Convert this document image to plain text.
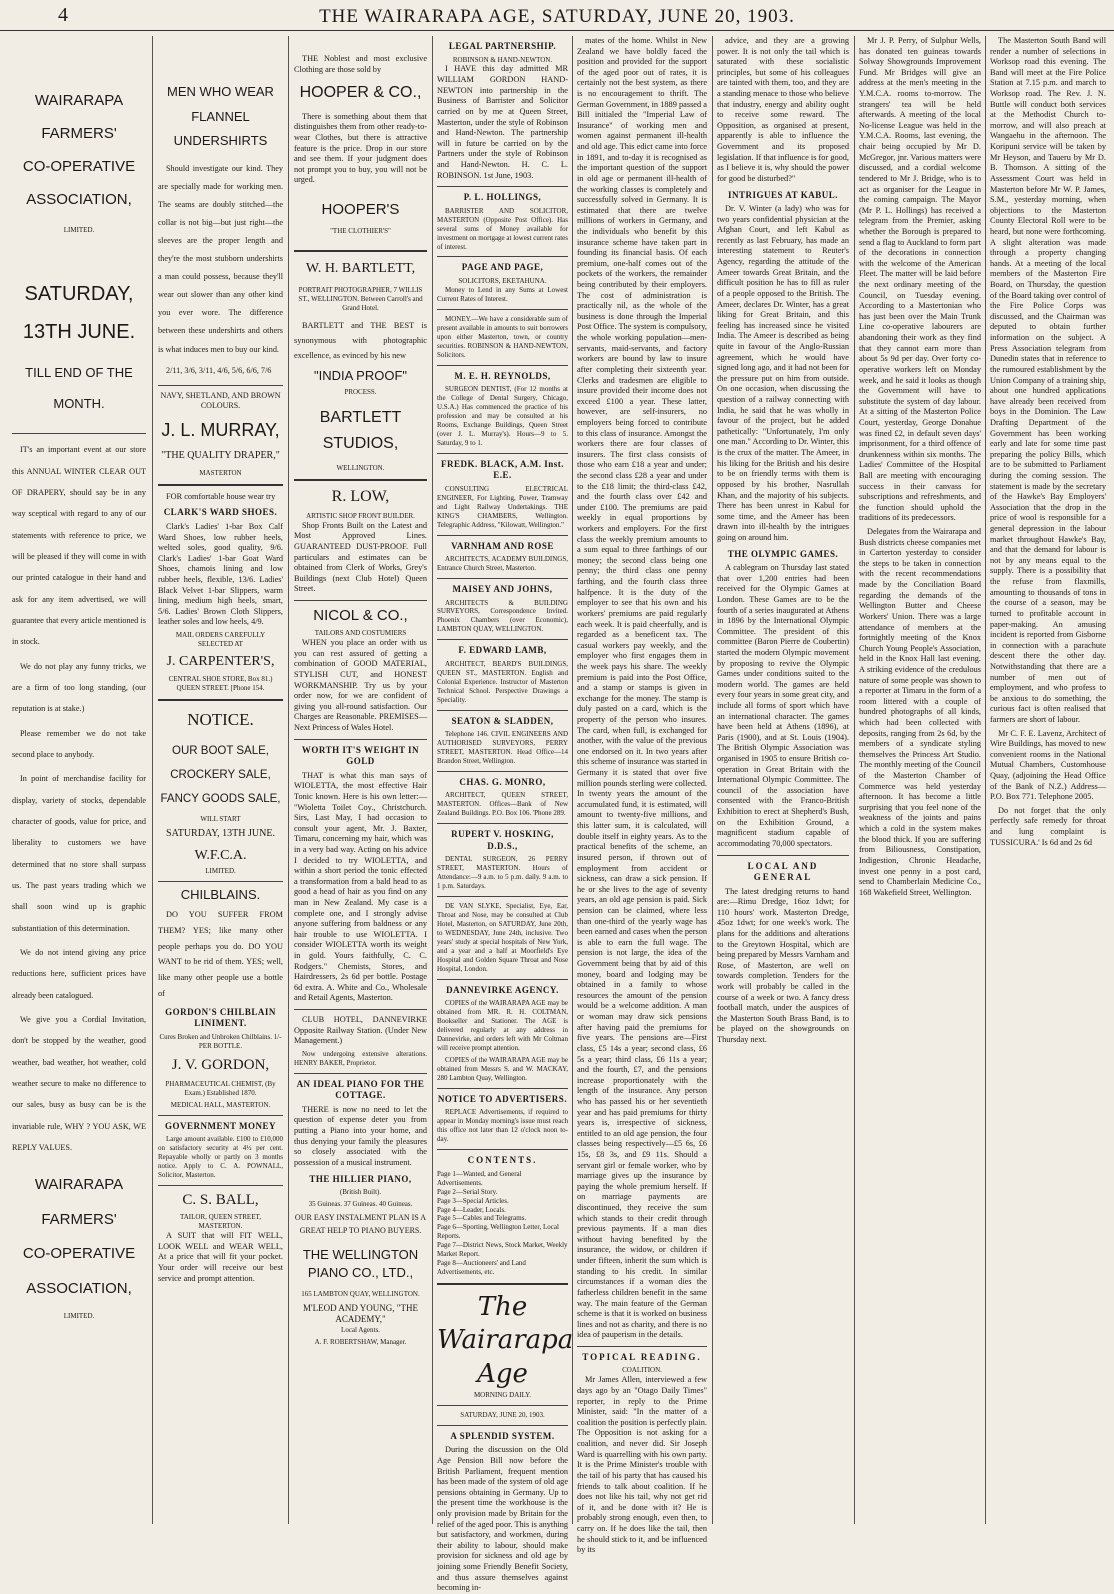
4	THE WAIRARAPA AGE, SATURDAY, JUNE 20, 1903.
WAIRARAPA
FARMERS'
CO-OPERATIVE
ASSOCIATION,
LIMITED.
SATURDAY,
13TH JUNE.
TILL END OF THE
MONTH.

IT's an important event at our store this ANNUAL WINTER CLEAR OUT OF DRAPERY, should say be in any way sceptical with regard to any of our statements with reference to price, we will be pleased if they will come in with our printed catalogue in their hand and ask for any item advertised, we will guarantee that every article mentioned is in stock.

We do not play any funny tricks, we are a firm of too long standing, (our reputation is at stake.)

Please remember we do not take second place to anybody.

In point of merchandise facility for display, variety of stocks, dependable character of goods, value for price, and liberality to customers we have determined that no store shall surpass us. The past years trading which we shall soon wind up is graphic substantiation of this determination.

We do not intend giving any price reductions here, sufficient prices have already been catalogued.

We give you a Cordial Invitation, don't be stopped by the weather, good weather, bad weather, hot weather, cold weather secure to make no difference to our sales, busy as busy can be is the invariable rule, WHY ? YOU ASK, WE REPLY VALUES.

WAIRARAPA
FARMERS'
CO-OPERATIVE
ASSOCIATION,
LIMITED.
MEN WHO WEAR FLANNEL UNDERSHIRTS

Should investigate our kind. They are specially made for working men. The seams are doubly stitched—the collar is not big—but just right—the sleeves are the proper length and they're the most stubborn undershirts a man could possess, because they'll wear out slower than any other kind you ever wore. The difference between these undershirts and others is what induces men to buy our kind.

2/11, 3/6, 3/11, 4/6, 5/6, 6/6, 7/6

NAVY, SHETLAND, AND BROWN COLOURS.
J. L. MURRAY,
"THE QUALITY DRAPER,"
MASTERTON

FOR comfortable house wear try

CLARK'S WARD SHOES.

Clark's Ladies' 1-bar Box Calf Ward Shoes, low rubber heels, welted soles, good quality, 9/6. Clark's Ladies' 1-bar Goat Ward Shoes, chamois lining and low rubber heels, flexible, 13/6. Ladies' Black Velvet 1-bar Slippers, warm lining, medium high heels, smart, 5/6. Ladies' Brown Cloth Slippers, leather soles and low heels, 4/9.

MAIL ORDERS CAREFULLY SELECTED AT
J. CARPENTER'S,
CENTRAL SHOE STORE, Box 81.) QUEEN STREET. [Phone 154.
NOTICE.
OUR BOOT SALE,
CROCKERY SALE,
FANCY GOODS SALE,
WILL START
SATURDAY, 13TH JUNE.
W.F.C.A.
LIMITED.
CHILBLAINS.

DO YOU SUFFER FROM THEM? YES; like many other people perhaps you do. DO YOU WANT to be rid of them. YES; well, like many other people use a bottle of

GORDON'S CHILBLAIN LINIMENT.
Cures Broken and Unbroken Chilblains. 1/- PER BOTTLE.
J. V. GORDON,
PHARMACEUTICAL CHEMIST, (By Exam.) Established 1870.
MEDICAL HALL, MASTERTON.
GOVERNMENT MONEY

Large amount available. £100 to £10,000 on satisfactory security at 4½ per cent. Repayable wholly or partly on 3 months notice. Apply to C. A. POWNALL, Solicitor, Masterton.

C. S. BALL,
TAILOR, QUEEN STREET, MASTERTON.

A SUIT that will FIT WELL, LOOK WELL and WEAR WELL, At a price that will fit your pocket. Your order will receive our best service and prompt attention.

THE Noblest and most exclusive Clothing are those sold by

HOOPER & CO.,

There is something about them that distinguishes them from other ready-to-wear Clothes, but there is attractive feature is the price. Drop in our store and see them. If your judgment does not prompt you to buy, you will not be urged.

HOOPER'S
"THE CLOTHIER'S"
W. H. BARTLETT,
PORTRAIT PHOTOGRAPHER, 7 WILLIS ST., WELLINGTON. Between Carroll's and Grand Hotel.

BARTLETT and THE BEST is synonymous with photographic excellence, as evinced by his new

"INDIA PROOF"
PROCESS.
BARTLETT STUDIOS,
WELLINGTON.
R. LOW,
ARTISTIC SHOP FRONT BUILDER.

Shop Fronts Built on the Latest and Most Approved Lines. GUARANTEED DUST-PROOF. Full particulars and estimates can be obtained from Clerk of Works, Grey's Buildings (next Club Hotel) Queen Street.

NICOL & CO.,
TAILORS AND COSTUMIERS

WHEN you place an order with us you can rest assured of getting a combination of GOOD MATERIAL, STYLISH CUT, and HONEST WORKMANSHIP. Try us by your order now, for we are confident of giving you all-round satisfaction. Our Charges are Reasonable. PREMISES—Next Princess of Wales Hotel.

WORTH IT'S WEIGHT IN GOLD

THAT is what this man says of WIOLETTA, the most effective Hair Tonic known. Here is his own letter:— "Wioletta Toilet Coy., Christchurch. Sirs, Last May, I had occasion to consult your agent, Mr. J. Baxter, Timaru, concerning my hair, which was in a very bad way. Acting on his advice I decided to try WIOLETTA, and within a short period the tonic effected a transformation from a bald head to as good a head of hair as you find on any man in New Zealand. My case is a complete one, and I strongly advise anyone suffering from baldness or any hair trouble to use WIOLETTA. I consider WIOLETTA worth its weight in gold. Yours faithfully, C. C. Rodgers." Chemists, Stores, and Hairdressers, 2s 6d per bottle. Postage 6d extra. A. White and Co., Wholesale and Retail Agents, Masterton.

CLUB HOTEL, DANNEVIRKE Opposite Railway Station. (Under New Management.)

Now undergoing extensive alterations. HENRY BAKER, Proprietor.

AN IDEAL PIANO FOR THE COTTAGE.

THERE is now no need to let the question of expense deter you from putting a Piano into your home, and thus denying your family the pleasures so closely associated with the possession of a musical instrument.

THE HILLIER PIANO,
(British Built).
35 Guineas. 37 Guineas. 40 Guineas.
OUR EASY INSTALMENT PLAN IS A GREAT HELP TO PIANO BUYERS.
THE WELLINGTON PIANO CO., LTD.,
165 LAMBTON QUAY, WELLINGTON.
M'LEOD AND YOUNG, "THE ACADEMY,"
Local Agents.
A. F. ROBERTSHAW, Manager.
LEGAL PARTNERSHIP.
ROBINSON & HAND-NEWTON.

I HAVE this day admitted MR WILLIAM GORDON HAND-NEWTON into partnership in the Business of Barrister and Solicitor carried on by me at Queen Street, Masterton, under the style of Robinson and Hand-Newton. The partnership will in future be carried on by the Partners under the style of Robinson and Hand-Newton. H. C. L. ROBINSON. 1st June, 1903.

P. L. HOLLINGS,

BARRISTER AND SOLICITOR, MASTERTON (Opposite Post Office). Has several sums of Money available for investment on mortgage at lowest current rates of interest.

PAGE AND PAGE,
SOLICITORS, EKETAHUNA.

Money to Lend in any Sums at Lowest Current Rates of Interest.

MONEY.—We have a considerable sum of present available in amounts to suit borrowers upon either Masterton, town, or country securities. ROBINSON & HAND-NEWTON, Solicitors.

M. E. H. REYNOLDS,

SURGEON DENTIST, (For 12 months at the College of Dental Surgery, Chicago, U.S.A.) Has commenced the practice of his profession and may be consulted at his Rooms, Exchange Buildings, Queen Street (over J. L. Murray's). Hours—9 to 5. Saturday, 9 to 1.

FREDK. BLACK, A.M. Inst. E.E.

CONSULTING ELECTRICAL ENGINEER, For Lighting, Power, Tramway and Light Railway Undertakings. THE KING'S CHAMBERS, Wellington. Telegraphic Address, "Kilowatt, Wellington."

VARNHAM AND ROSE

ARCHITECTS, ACADEMY BUILDINGS, Entrance Church Street, Masterton.

MAISEY AND JOHNS,

ARCHITECTS & BUILDING SURVEYORS, Correspondence Invited. Phoenix Chambers (over Economic), LAMBTON QUAY, WELLINGTON.

F. EDWARD LAMB,

ARCHITECT, BEARD'S BUILDINGS, QUEEN ST., MASTERTON. English and Colonial Experience. Instructor of Masterton Technical School. Perspective Drawings a Speciality.

SEATON & SLADDEN,

Telephone 146. CIVIL ENGINEERS AND AUTHORISED SURVEYORS, PERRY STREET, MASTERTON. Head Office—14 Brandon Street, Wellington.

CHAS. G. MONRO,

ARCHITECT, QUEEN STREET, MASTERTON. Offices—Bank of New Zealand Buildings. P.O. Box 106. 'Phone 289.

RUPERT V. HOSKING, D.D.S.,

DENTAL SURGEON, 26 PERRY STREET, MASTERTON. Hours of Attendance:—9 a.m. to 5 p.m. daily. 9 a.m. to 1 p.m. Saturdays.

DE VAN SLYKE, Specialist, Eye, Ear, Throat and Nose, may be consulted at Club Hotel, Masterton, on SATURDAY, June 20th, to WEDNESDAY, June 24th, inclusive. Two years' study at special hospitals of New York, and a year and a half at Moorfield's Eye Hospital and Golden Square Throat and Nose Hospital, London.

DANNEVIRKE AGENCY.

COPIES of the WAIRARAPA AGE may be obtained from MR. R. H. COLTMAN, Bookseller and Stationer. The AGE is delivered regularly at any address in Dannevirke, and orders left with Mr Coltman will receive prompt attention.

COPIES of the WAIRARAPA AGE may be obtained from Messrs S. and W. MACKAY, 280 Lambton Quay, Wellington.

NOTICE TO ADVERTISERS.

REPLACE Advertisements, if required to appear in Monday morning's issue must reach this office not later than 12 o'clock noon to-day.

CONTENTS.
Page 1—Wanted, and General Advertisements.
Page 2—Serial Story.
Page 3—Special Articles.
Page 4—Leader, Locals.
Page 5—Cables and Telegrams.
Page 6—Sporting, Wellington Letter, Local Reports.
Page 7—District News, Stock Market, Weekly Market Report.
Page 8—Auctioneers' and Land Advertisements, etc.
The Wairarapa Age
MORNING DAILY.
SATURDAY, JUNE 20, 1903.
A SPLENDID SYSTEM.

During the discussion on the Old Age Pension Bill now before the British Parliament, frequent mention has been made of the system of old age pensions obtaining in Germany. Up to the present time the workhouse is the only provision made by Britain for the relief of the aged poor. This is anything but satisfactory, and workmen, during their ability to labour, should make provision for sickness and old age by joining some Friendly Benefit Society, and thus assure themselves against becoming in-

mates of the home. Whilst in New Zealand we have boldly faced the position and provided for the support of the aged poor out of rates, it is certainly not the best system, as there is no encouragement to thrift. The German Government, in 1889 passed a Bill initialed the "Imperial Law of Insurance" of working men and women against permanent ill-health and old age. This edict came into force in 1891, and to-day it is recognised as the important question of the support in old age or permanent ill-health of the working classes is completely and successfully solved in Germany. It is estimated that there are twelve millions of workers in Germany, and the individuals who benefit by this insurance scheme have taken part in founding its financial basis. Of each premium, one-half comes out of the pockets of the workers, the remainder being contributed by their employers. The cost of administration is practically nil, as the whole of the business is done through the Imperial Post Office. The system is compulsory, the whole working population—men-servants, maid-servants, and factory workers are bound by law to insure after completing their sixteenth year. Clerks and tradesmen are eligible to insure provided their income does not exceed £100 a year. These latter, however, are self-insurers, no employers being forced to contribute to this class of insurance. Amongst the workers there are four classes of insurers. The first class consists of those who earn £18 a year and under; the second class £28 a year and under to the £18 limit; the third-class £42, and the fourth class over £42 and under £100. The premiums are paid weekly in equal proportions by workers and employers. For the first class the weekly premium amounts to a sum equal to three farthings of our money; the second class being one penny; the third class one penny farthing, and the fourth class three halfpence. It is the duty of the employer to see that his own and his workers' premiums are paid regularly each week. It is paid cheerfully, and is regarded as a beneficent tax. The casual workers pay weekly, and the employer who first engages them in the week pays his share. The weekly premium is paid into the Post Office, and a stamp or stamps is given in exchange for the money. The stamp is duly pasted on a card, which is the property of the person who insures. The card, when full, is exchanged for another, with the value of the previous one endorsed on it. In two years after this scheme of insurance was started in Germany it is stated that over five million pounds sterling were collected. In twenty years the amount of the accumulated fund, it is estimated, will amount to twenty-five millions, and this latter sum, it is calculated, will double itself in eighty years. As to the practical benefits of the scheme, an insured person, if thrown out of employment from accident or sickness, can draw a sick pension. If he or she lives to the age of seventy years, an old age pension is paid. Sick pension can be claimed, where less than one-third of the yearly wage has been earned and cases when the person is able to earn the full wage. The pension is not large, the idea of the Government being that by aid of this money, board and lodging may be obtained in a family to whose resources the amount of the pension would be a welcome addition. A man or woman may draw sick pensions after having paid the premiums for five years. The pensions are—First class, £5 14s a year; second class, £6 5s a year; third class, £6 11s a year; and the fourth, £7, and the pensions increase proportionately with the length of the insurance. Any person who has passed his or her seventieth year and has paid premiums for thirty years is, irrespective of sickness, entitled to an old age pension, the four classes being respectively—£5 6s, £6 15s, £8 3s, and £9 11s. Should a servant girl or female worker, who by marriage gives up the insurance by paying the whole premium herself. If on marriage payments are discontinued, they receive the sum which stands to their credit through previous payments. If a man dies without having benefited by the insurance, the widow, or children if under fifteen, inherit the sum which is standing to his credit. In similar circumstances if a woman dies the fatherless children benefit in the same way. The main feature of the German scheme is that it is worked on business lines and not as charity, and there is no idea of pauperism in the details.

TOPICAL READING.
COALITION.

Mr James Allen, interviewed a few days ago by an "Otago Daily Times" reporter, in reply to the Prime Minister, said: "In the matter of a coalition the position is perfectly plain. The Opposition is not asking for a coalition, and never did. Sir Joseph Ward is quarrelling with his own party. It is the Prime Minister's trouble with the tail of his party that has caused his friends to talk about coalition. If he does not like his tail, why not get rid of it, and be done with it? He is probably strong enough, even then, to carry on. If he does like the tail, then he should stick to it, and be influenced by its

advice, and they are a growing power. It is not only the tail which is saturated with these socialistic principles, but some of his colleagues are tainted with them, too, and they are a standing menace to those who believe that industry, energy and ability ought to receive some reward. The Opposition, as organised at present, apparently is able to influence the Government and its proposed legislation. If that influence is for good, as I believe it is, why should the power for good be disturbed?"

INTRIGUES AT KABUL.

Dr. V. Winter (a lady) who was for two years confidential physician at the Afghan Court, and left Kabul as recently as last February, has made an interesting statement to Reuter's Agency, regarding the attitude of the Ameer towards Great Britain, and the difficult position he has to fill as ruler of a people opposed to the British. The Ameer, declares Dr. Winter, has a great liking for Great Britain, and this feeling has increased since he visited India. The Ameer is described as being quite in favour of the Anglo-Russian agreement, which he would have signed long ago, and it had not been for the pressure put on him from outside. On one occasion, when discussing the question of a railway connecting with India, he said that he was wholly in favour of the project, but he added pathetically: "Unfortunately, I'm only one man." According to Dr. Winter, this is the crux of the matter. The Ameer, in his liking for the British and his desire to be on friendly terms with them is opposed by his brother, Nasrullah Khan, and the majority of his subjects. There has been unrest in Kabul for some time, and the Ameer has been drawn into ill-health by the intrigues going on around him.

THE OLYMPIC GAMES.

A cablegram on Thursday last stated that over 1,200 entries had been received for the Olympic Games at London. These Games are to be the fourth of a series inaugurated at Athens in 1896 by the International Olympic Committee. The president of this committee (Baron Pierre de Coubertin) started the modern Olympic movement by proposing to revive the Olympic Games under conditions suited to the modern world. The games are held every four years in some great city, and include all forms of sport which have an international character. The games have been held at Athens (1896), at Paris (1900), and at St. Louis (1904). The British Olympic Association was organised in 1905 to ensure British co-operation in Great Britain with the International Olympic Committee. The council of the association have consented with the Franco-British Exhibition to erect at Shepherd's Bush, on the Exhibition Ground, a magnificent stadium capable of accommodating 70,000 spectators.

LOCAL AND GENERAL

The latest dredging returns to hand are:—Rimu Dredge, 16oz 1dwt; for 110 hours' work. Masterton Dredge, 45oz 1dwt; for one week's work. The plans for the additions and alterations to the Greytown Hospital, which are being prepared by Messrs Varnham and Rose, of Masterton, are well on towards completion. Tenders for the work will probably be called in the course of a week or two. A fancy dress football match, under the auspices of the Masterton South Brass Band, is to be played on the showgrounds on Thursday next.

Mr J. P. Perry, of Sulphur Wells, has donated ten guineas towards Solway Showgrounds Improvement Fund. Mr Bridges will give an address at the men's meeting in the Y.M.C.A. rooms to-morrow. The strangers' tea will be held afterwards. A meeting of the local No-license League was held in the Y.M.C.A. Rooms, last evening, the chair being occupied by Mr D. McGregor, jnr. Various matters were discussed, and a cordial welcome tendered to Mr J. Bridge, who is to act as organiser for the League in the coming campaign. The Mayor (Mr P. L. Hollings) has received a telegram from the Premier, asking whether the Borough is prepared to send a flag to Auckland to form part of the decorations in connection with the welcome of the American Fleet. The matter will be laid before the next ordinary meeting of the Council, on Tuesday evening. According to a Mastertonian who has just been over the Main Trunk Line co-operative labourers are abandoning their work as they find that they cannot earn more than about 5s 9d per day. Over forty co-operative workers left on Monday week, and he said it looks as though the Government will have to substitute the system of day labour. At a sitting of the Masterton Police Court, yesterday, George Donahue was fined £2, in default seven days' imprisonment, for a third offence of drunkenness within six months. The Ladies' Committee of the Hospital Ball are meeting with encouraging success in their canvass for subscriptions and refreshments, and the function should uphold the traditions of its predecessors.

Delegates from the Wairarapa and Bush districts cheese companies met in Carterton yesterday to consider the steps to be taken in connection with the recent recommendations made by the Conciliation Board regarding the demands of the Wellington Butter and Cheese Workers' Union. There was a large attendance of members at the fortnightly meeting of the Knox Church Young People's Association, held in the Knox Hall last evening. A striking evidence of the credulous nature of some people was shown to a reporter at Timaru in the form of a room littered with a couple of hundred photographs of all kinds, which had been collected with deposits, ranging from 2s 6d, by the members of a syndicate styling themselves the Princess Art Studio. The monthly meeting of the Council of the Masterton Chamber of Commerce was held yesterday afternoon. It has become a little surprising that you feel none of the weakness of the joints and pains which a cold in the system makes the blood thick. If you are suffering from Biliousness, Constipation, Indigestion, Chronic Headache, invest one penny in a post card, send to Chamberlain Medicine Co., 168 Wakefield Street, Wellington.

The Masterton South Band will render a number of selections in Worksop road this evening. The Band will meet at the Fire Police Station at 7.15 p.m. and march to Worksop road. The Rev. J. N. Buttle will conduct both services at the Methodist Church to-morrow, and will also preach at Wangaehu in the afternoon. The Koripuni service will be taken by Mr Heyson, and Taueru by Mr D. B. Thomson. A sitting of the Assessment Court was held in Masterton before Mr W. P. James, S.M., yesterday morning, when objections to the Masterton County Electoral Roll were to be heard, but none were forthcoming. A slight alteration was made through a property changing hands. At a meeting of the local members of the Masterton Fire Board, on Thursday, the question of the Board taking over control of the Fire Police Corps was discussed, and the Chairman was deputed to obtain further information on the subject. A Press Association telegram from Dunedin states that in reference to the rumoured establishment by the Union Company of a training ship, about one hundred applications have already been received from boys in the Dominion. The Law Drafting Department of the Government has been working early and late for some time past preparing the policy Bills, which are to be submitted to Parliament during the coming session. The statement is made by the secretary of the Hawke's Bay Employers' Association that the drop in the price of wool is responsible for a general depression in the labour market throughout Hawke's Bay, and that the demand for labour is not by any means equal to the supply. There is a possibility that the refuse from flaxmills, amounting to thousands of tons in the course of a season, may be turned to profitable account in paper-making. An amusing incident is reported from Gisborne in connection with a parachute descent there the other day. Notwithstanding that there are a number of men out of employment, and who profess to be anxious to do something, the curious fact is often realised that farmers are short of labour.

Mr C. F. E. Lavenz, Architect of Wire Buildings, has moved to new convenient rooms in the National Mutual Chambers, Customhouse Quay, (adjoining the Head Office of the Bank of N.Z.) Address—P.O. Box 771. Telephone 2005.

Do not forget that the only perfectly safe remedy for throat and lung complaint is TUSSICURA.' Is 6d and 2s 6d
